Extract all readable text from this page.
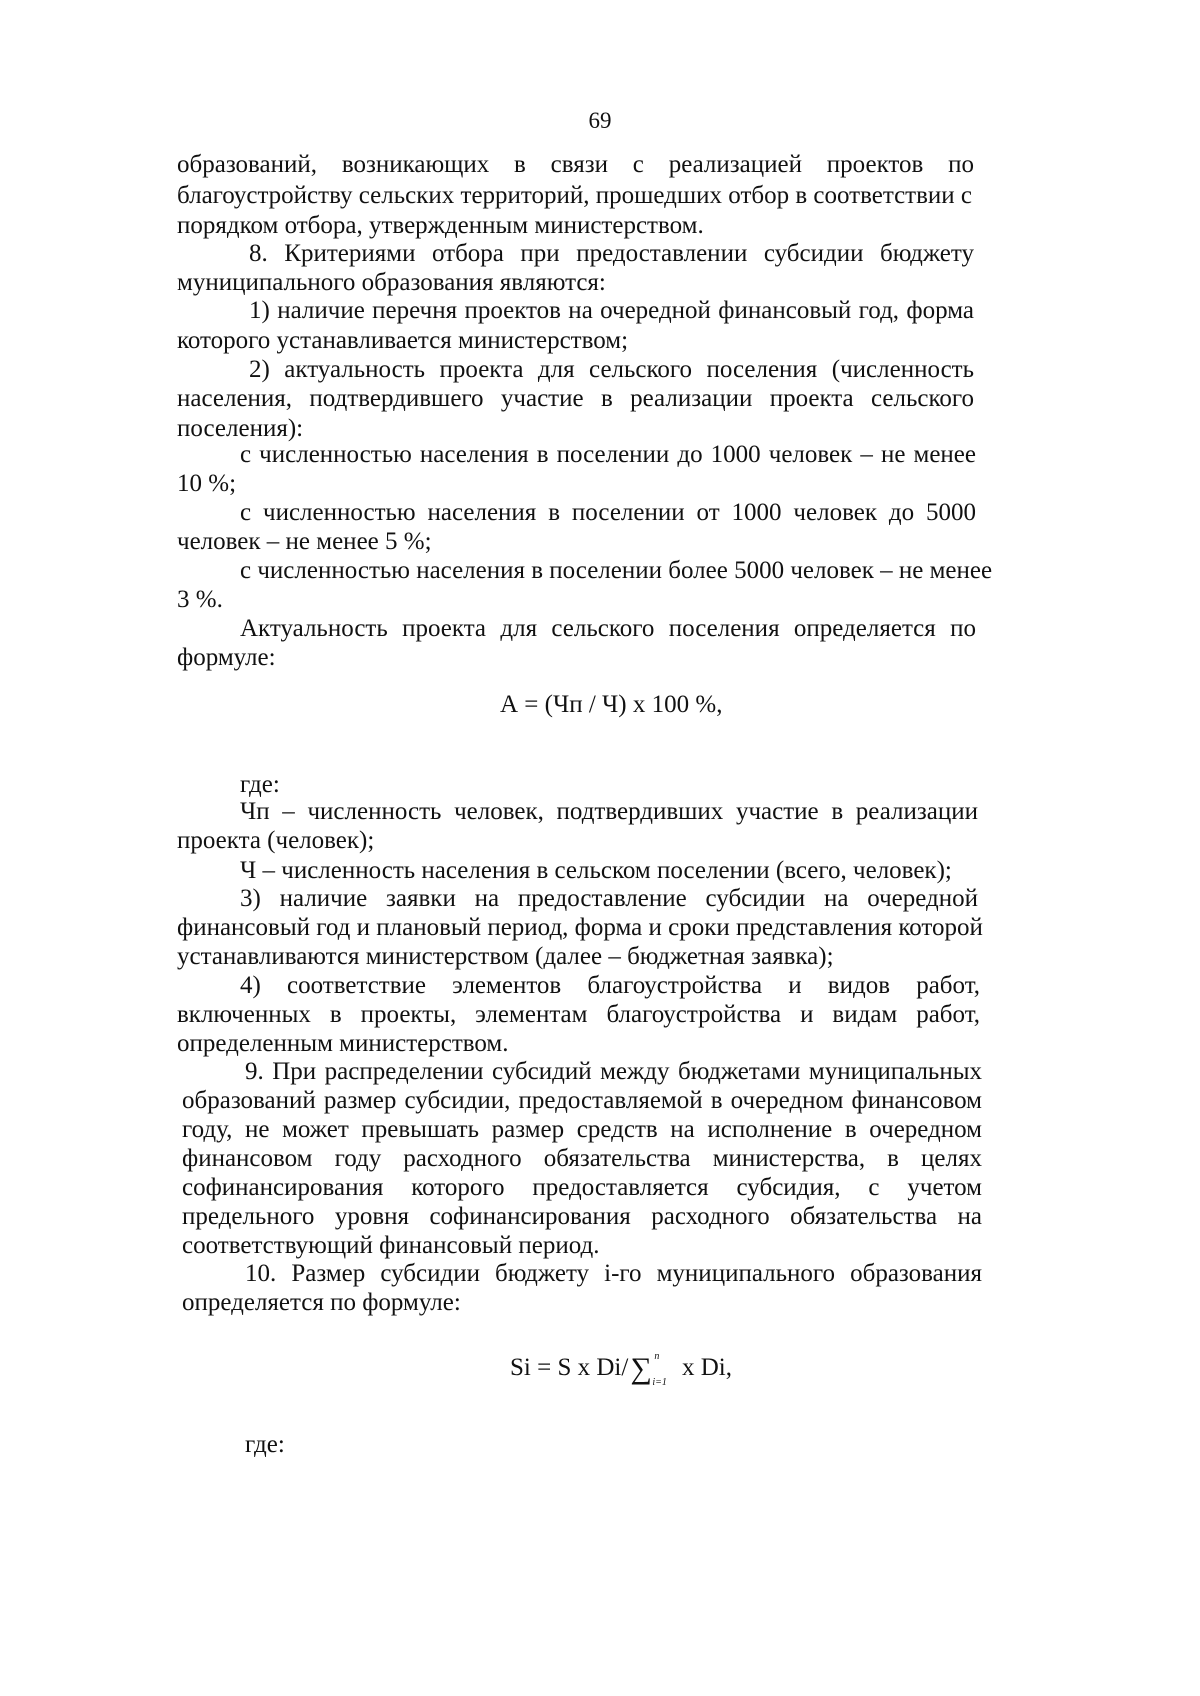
69
образований, возникающих в связи с реализацией проектов по
благоустройству сельских территорий, прошедших отбор в соответствии с
порядком отбора, утвержденным министерством.
8. Критериями отбора при предоставлении субсидии бюджету
муниципального образования являются:
1) наличие перечня проектов на очередной финансовый год, форма
которого устанавливается министерством;
2) актуальность проекта для сельского поселения (численность
населения, подтвердившего участие в реализации проекта сельского
поселения):
с численностью населения в поселении до 1000 человек – не менее
10 %;
с численностью населения в поселении от 1000 человек до 5000
человек – не менее 5 %;
с численностью населения в поселении более 5000 человек – не менее
3 %.
Актуальность проекта для сельского поселения определяется по
формуле:
А = (Чп / Ч) x 100 %,
где:
Чп – численность человек, подтвердивших участие в реализации
проекта (человек);
Ч – численность населения в сельском поселении (всего, человек);
3) наличие заявки на предоставление субсидии на очередной
финансовый год и плановый период, форма и сроки представления которой
устанавливаются министерством (далее – бюджетная заявка);
4) соответствие элементов благоустройства и видов работ,
включенных в проекты, элементам благоустройства и видам работ,
определенным министерством.
9. При распределении субсидий между бюджетами муниципальных
образований размер субсидии, предоставляемой в очередном финансовом
году, не может превышать размер средств на исполнение в очередном
финансовом году расходного обязательства министерства, в целях
софинансирования которого предоставляется субсидия, с учетом
предельного уровня софинансирования расходного обязательства на
соответствующий финансовый период.
10. Размер субсидии бюджету i-го муниципального образования
определяется по формуле:
Si = S x Di/∑ n
i=1
x Di,
где:
